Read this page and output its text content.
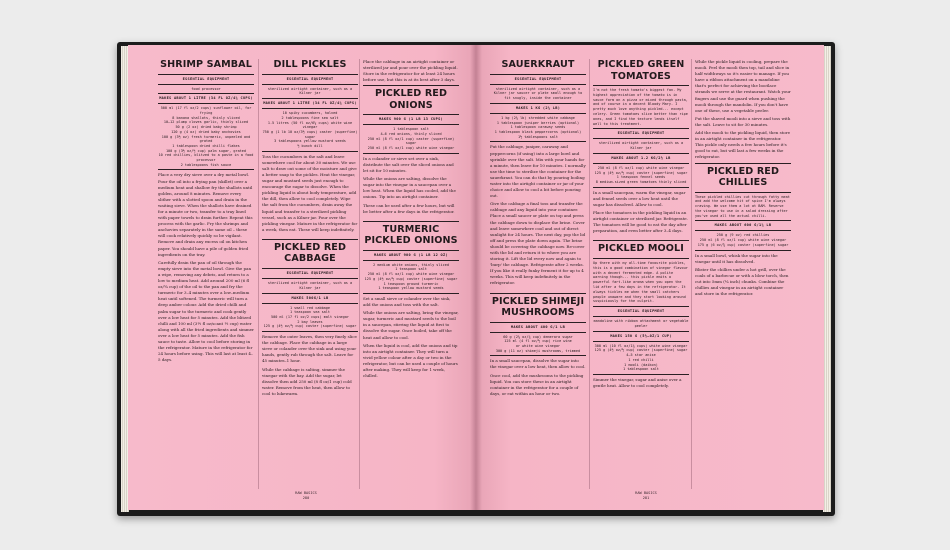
SHRIMP SAMBAL
ESSENTIAL EQUIPMENT
food processor
MAKES ABOUT 1 LITRE (34 FL OZ/4¼ CUPS)
500 ml (17 fl oz/2 cups) sunflower oil, for frying
8 banana shallots, thinly sliced
10–12 plump cloves garlic, thinly sliced
50 g (2 oz) dried baby shrimp
120 g (4 oz) dried baby anchovies
100 g (3½ oz) fresh turmeric, unpeeled and grated
1 tablespoon dried chilli flakes
100 g (3½ oz/½ cup) palm sugar, grated
10 red chillies, blitzed to a paste in a food processor
2 tablespoons fish sauce
Place a very dry sieve over a dry metal bowl. Pour the oil into a frying pan (skillet) over a medium heat and shallow fry the shallots until golden, around 8 minutes. Remove every slither with a slotted spoon and drain in the waiting sieve. When the shallots have drained for a minute or two, transfer to a tray lined with paper towels to drain further. Repeat this process with the garlic. Fry the shrimps and anchovies separately in the same oil – these will cook relatively quickly so be vigilant. Remove and drain any excess oil on kitchen paper. You should have a pile of golden fried ingredients on the tray.
Carefully drain the pan of oil through the empty sieve into the metal bowl. Give the pan a wipe, removing any debris, and return to a low to medium heat. Add around 200 ml (6 fl oz/¾ cup) of the oil to the pan and fry the turmeric for 3–4 minutes over a low–medium heat until softened. The turmeric will turn a deep amber colour. Add the dried chilli and palm sugar to the turmeric and cook gently over a low heat for 5 minutes. Add the blitzed chilli and 100 ml (3½ fl oz/scant ½ cup) water along with all the fried ingredients and simmer over a low heat for 5 minutes. Add the fish sauce to taste. Allow to cool before storing in the refrigerator. Mature in the refrigerator for 24 hours before using. This will last at least 4–5 days.
DILL PICKLES
ESSENTIAL EQUIPMENT
sterilized airtight container, such as a Kilner jar
MAKES ABOUT 1 LITRE (34 FL OZ/4¼ CUPS)
10 spiky cucumbers, halved
2 tablespoons fine sea salt
1.5 litres (50 fl oz/6¼ cups) white wine vinegar
750 g (1 lb 10 oz/3½ cups) caster (superfine) sugar
3 tablespoons yellow mustard seeds
½ bunch dill
Toss the cucumbers in the salt and leave somewhere cool for about 30 minutes. We use salt to draw out some of the moisture and give a better snap to the pickles. Heat the vinegar, sugar and mustard seeds just enough to encourage the sugar to dissolve. When the pickling liquid is about body temperature, add the dill, then allow to cool completely. Wipe the salt from the cucumbers, drain away the liquid and transfer to a sterilized pickling vessel, such as a Kilner jar. Pour over the pickling vinegar. Mature in the refrigerator for a week, then eat. These will keep indefinitely.
PICKLED RED CABBAGE
ESSENTIAL EQUIPMENT
sterilized airtight container, such as a Kilner jar
MAKES 500G/1 LB
1 small red cabbage
1 teaspoon sea salt
500 ml (17 fl oz/2 cups) malt vinegar
2 bay leaves
125 g (4½ oz/½ cup) caster (superfine) sugar
Remove the outer leaves, then very finely slice the cabbage. Place the cabbage in a large sieve or colander over the sink and using your hands, gently rub through the salt. Leave for 45 minutes–1 hour.
While the cabbage is salting, simmer the vinegar with the bay. Add the sugar, let dissolve then add 250 ml (8 fl oz/1 cup) cold water. Remove from the heat, then allow to cool to lukewarm.
Place the cabbage in an airtight container or sterilized jar and pour over the pickling liquid. Store in the refrigerator for at least 24 hours before use, but this is at its best after 3 days.
PICKLED RED ONIONS
MAKES 900 G (1 LB 13 CUPS)
1 tablespoon salt
4–6 red onions, thinly sliced
250 ml (8 fl oz/1 cup) caster (superfine) sugar
250 ml (8 fl oz/1 cup) white wine vinegar
In a colander or sieve set over a sink, distribute the salt over the sliced onions and let sit for 10 minutes.
While the onions are salting, dissolve the sugar into the vinegar in a saucepan over a low heat. When the liquid has cooled, add the onions. Tip into an airtight container.
These can be used after a few hours, but will be better after a few days in the refrigerator.
TURMERIC PICKLED ONIONS
MAKES ABOUT 900 G (1 LB 12 OZ)
2 medium white onions, thinly sliced
1 teaspoon salt
250 ml (8 fl oz/1 cup) white wine vinegar
125 g (4½ oz/½ cup) caster (superfine) sugar
1 teaspoon ground turmeric
1 teaspoon yellow mustard seeds
Set a small sieve or colander over the sink, add the onions and toss with the salt.
While the onions are salting, bring the vinegar, sugar, turmeric and mustard seeds to the boil in a saucepan, stirring the liquid at first to dissolve the sugar. Once boiled, take off the heat and allow to cool.
When the liquid is cool, add the onions and tip into an airtight container. They will turn a vivid yellow colour after a day or two in the refrigerator, but can be used a couple of hours after making. They will keep for 1 week, chilled.
RAW BASICS
280
SAUERKRAUT
ESSENTIAL EQUIPMENT
sterilized airtight container, such as a Kilner jar saucer or plate small enough to fit snugly, inside the container
MAKES 1 KG (2¼ LB)
1 kg (2¼ lb) shredded white cabbage
1 tablespoon juniper berries (optional)
1 tablespoon caraway seeds
1 tablespoon black peppercorns (optional)
1½ tablespoons salt
Put the cabbage, juniper, caraway and peppercorns (if using) into a large bowl and sprinkle over the salt. Mix with your hands for a minute, then leave for 10 minutes. I normally use the time to sterilize the container for the sauerkraut. You can do that by pouring boiling water into the airtight container or jar of your choice and allow to cool a bit before pouring out.
Give the cabbage a final toss and transfer the cabbage and any liquid into your container. Place a small saucer or plate on top and press the cabbage down to displace the brine. Cover and leave somewhere cool and out of direct sunlight for 24 hours. The next day, pop the lid off and press the plate down again. The brine should be covering the cabbage now. Re-cover with the lid and return it to where you are storing it. Lift the lid every now and again to 'burp' the cabbage. Refrigerate after 2 weeks. If you like it really funky ferment it for up to 4 weeks. This will keep indefinitely in the refrigerator.
PICKLED SHIMEJI MUSHROOMS
MAKES ABOUT 400 G/1 LB
60 g (2¼ oz/¼ cup) demerara sugar
125 ml (4 fl oz/½ cup) rice wine
or white wine vinegar
300 g (11 oz) shimeji mushrooms, trimmed
In a small saucepan, dissolve the sugar into the vinegar over a low heat, then allow to cool.
Once cool, add the mushrooms to the pickling liquid. You can store these in an airtight container in the refrigerator for a couple of days, or eat within an hour or two.
PICKLED GREEN TOMATOES
I'm not the fresh tomato's biggest fan. My highest appreciation of the tomato is in sauce form on a pizza or mixed through pasta, and of course in a decent Bloody Mary. I pretty much love anything pickled... except celery. Green tomatoes slice better than ripe ones, and I find the texture lends itself well to this treatment.
ESSENTIAL EQUIPMENT
sterilized airtight container, such as a Kilner jar
MAKES ABOUT 1.2 KG/2½ LB
250 ml (8 fl oz/1 cup) white wine vinegar
125 g (4½ oz/½ cup) caster (superfine) sugar
1 teaspoon fennel seeds
8 medium-sized green tomatoes thinly sliced
In a small saucepan, warm the vinegar, sugar and fennel seeds over a low heat until the sugar has dissolved. Allow to cool.
Place the tomatoes in the pickling liquid in an airtight container or sterilized jar. Refrigerate. The tomatoes will be good to eat the day after preparation, and even better after 3–4 days.
PICKLED MOOLI
Up there with my all-time favourite pickles, this is a good combination of vinegar flavour with a decent fermented edge. A polite warning though... this pickle emits a powerful fart-like aroma when you open the lid after a few days in the refrigerator. It always tickles me when the small catchers people unaware and they start looking around suspiciously for the culprit.
ESSENTIAL EQUIPMENT
mandoline with ribbon attachment or vegetable peeler
MAKES 150 G (5½–0Z/1 CUP)
300 ml (10 fl oz/1¼ cups) white wine vinegar
125 g (4½ oz/½ cup) caster (superfine) sugar
4–5 star anise
1 red chilli
1 mooli (daikon)
1 tablespoon salt
Simmer the vinegar, sugar and anise over a gentle heat. Allow to cool completely.
While the pickle liquid is cooling, prepare the mooli. Peel the mooli then top, tail and slice in half widthways so it's easier to manage. If you have a ribbon attachment on a mandoline that's perfect for achieving the bootlace strands we serve at the restaurant. Watch your fingers and use the guard when pushing the mooli through the mandolin. If you don't have one of these, use a vegetable peeler.
Put the shaved mooli into a sieve and toss with the salt. Leave to sit for 30 minutes.
Add the mooli to the pickling liquid, then store in an airtight container in the refrigerator. This pickle only needs a few hours before it's good to eat, but will last a few weeks in the refrigerator.
PICKLED RED CHILLIES
These pickled chillies cut through fatty meat and add the welcome hit of spice I'm always craving. We use them a lot at BAM. Reserve the vinegar to use in a salad dressing after you've used all the actual chilli.
MAKES ABOUT 600 G/1¼ LB
250 g (9 oz) red chillies
250 ml (8 fl oz/1 cup) white wine vinegar
175 g (6 oz/¾ cup) caster (superfine) sugar
In a small bowl, whisk the sugar into the vinegar until it has dissolved.
Blister the chillies under a hot grill, over the coals of a barbecue or with a blow torch, then cut into 5mm (¼ inch) chunks. Combine the chillies and vinegar in an airtight container and store in the refrigerator.
RAW BASICS
281
